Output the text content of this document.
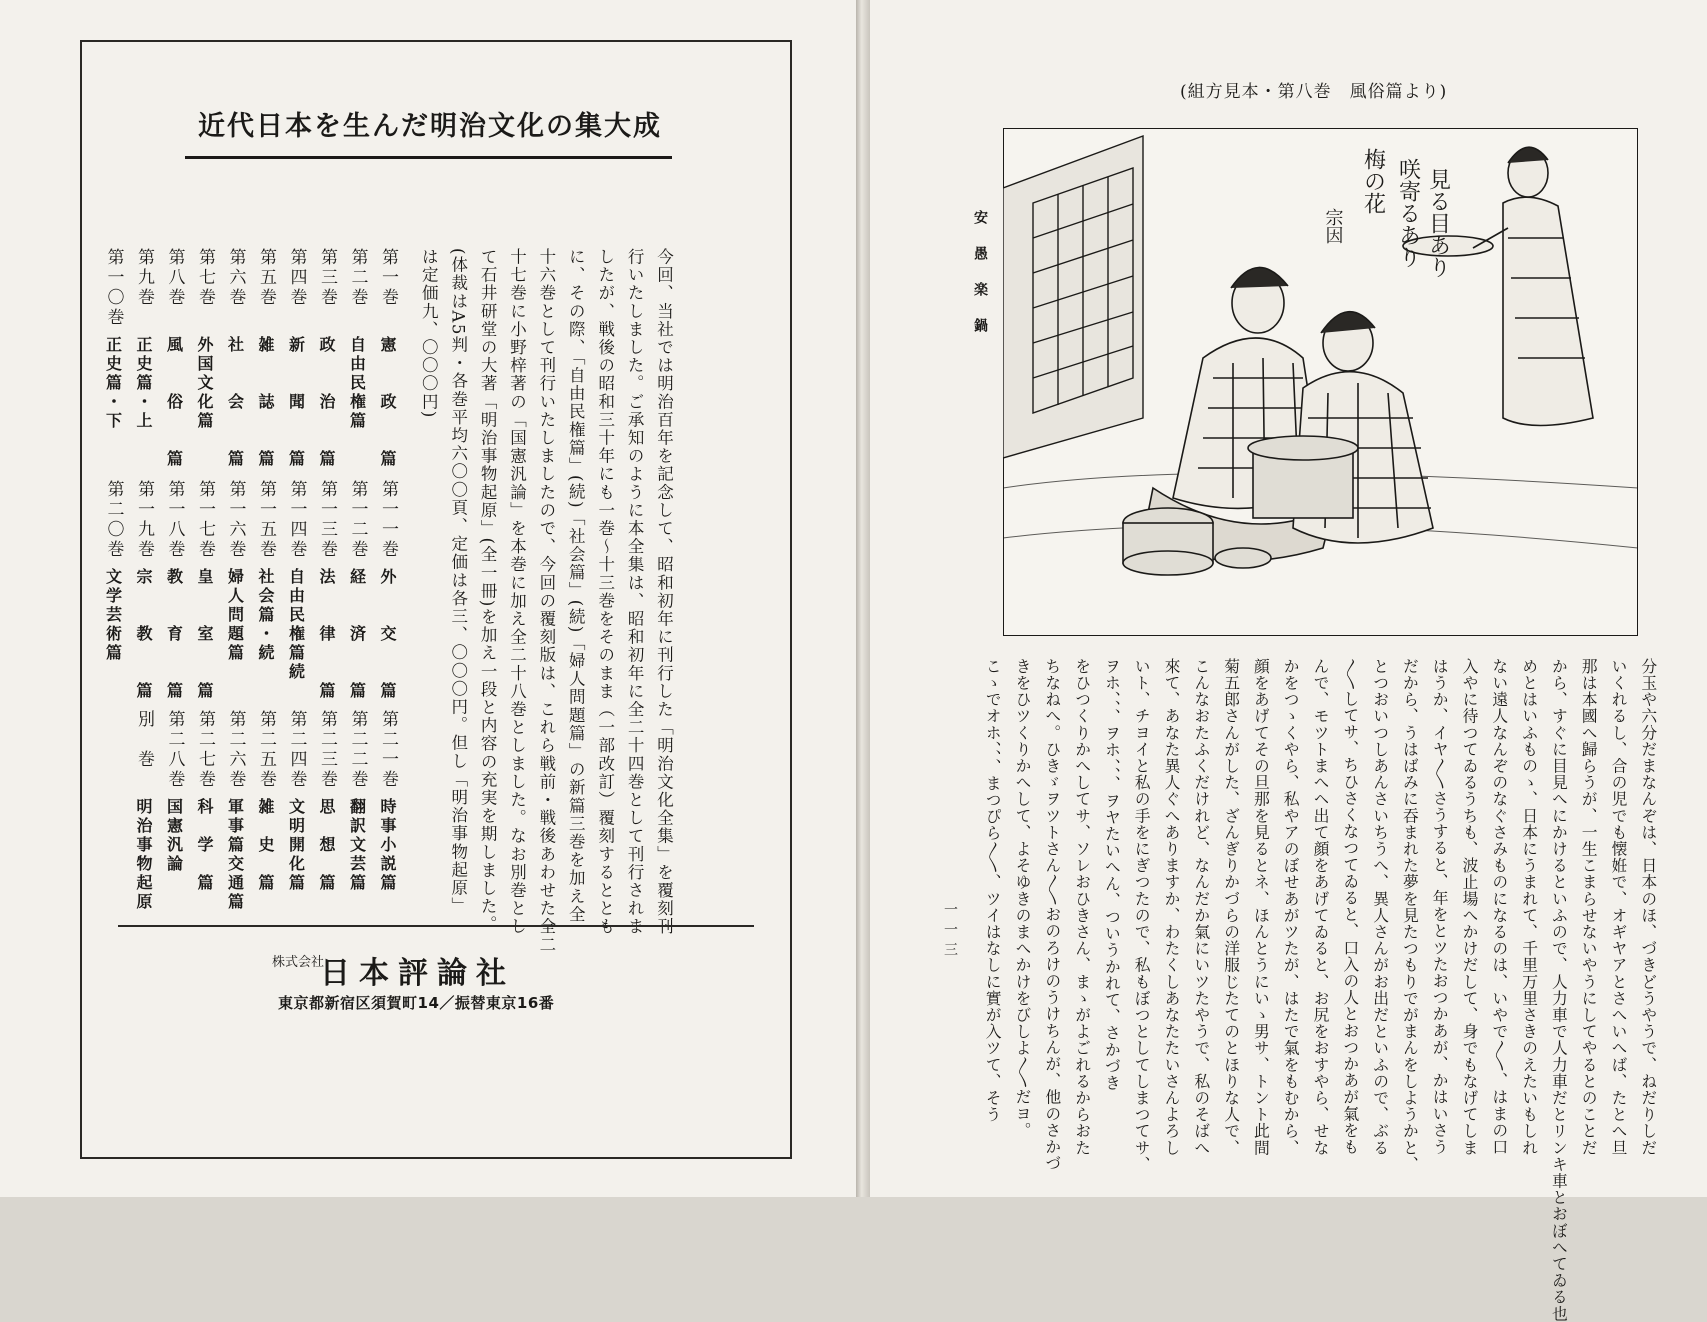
近代日本を生んだ明治文化の集大成
今回、当社では明治百年を記念して、昭和初年に刊行した「明治文化全集」を覆刻刊
行いたしました。ご承知のように本全集は、昭和初年に全二十四巻として刊行されま
したが、戦後の昭和三十年にも一巻〜十三巻をそのまま（一部改訂）覆刻するととも
に、その際、「自由民権篇」(続)「社会篇」(続)「婦人問題篇」の新篇三巻を加え全
十六巻として刊行いたしましたので、今回の覆刻版は、これら戦前・戦後あわせた全二
十七巻に小野梓著の「国憲汎論」を本巻に加え全二十八巻としました。なお別巻とし
て石井研堂の大著「明治事物起原」(全一冊)を加え一段と内容の充実を期しました。
(体裁はA5判・各巻平均六〇〇頁、定価は各三、〇〇〇円。但し「明治事物起原」
は定価九、〇〇〇円)
第一巻
憲　　政　　篇
第二巻
自由民権篇
第三巻
政　　治　　篇
第四巻
新　　聞　　篇
第五巻
雑　　誌　　篇
第六巻
社　　会　　篇
第七巻
外国文化篇
第八巻
風　　俗　　篇
第九巻
正史篇・上
第一〇巻
正史篇・下
第一一巻
外　　交　　篇
第一二巻
経　　済　　篇
第一三巻
法　　律　　篇
第一四巻
自由民権篇続
第一五巻
社会篇・続
第一六巻
婦人問題篇
第一七巻
皇　　室　　篇
第一八巻
教　　育　　篇
第一九巻
宗　　教　　篇
第二〇巻
文学芸術篇
第二一巻
時事小説篇
第二二巻
翻訳文芸篇
第二三巻
思　想　篇
第二四巻
文明開化篇
第二五巻
雑　史　篇
第二六巻
軍事篇交通篇
第二七巻
科　学　篇
第二八巻
国憲汎論
別　巻
明治事物起原
株式会社
日本評論社
東京都新宿区須賀町14／振替東京16番
(組方見本・第八巻　風俗篇より)
安愚楽鍋	見る目あり
咲寄るあり
梅の花
宗因
一一三	分玉や六分だまなんぞは、日本のほ、づきどうやうで、ねだりしだ
いくれるし、合の児でも懐姙で、オギヤアとさへいへば、たとへ旦
那は本國へ歸らうが、一生こまらせないやうにしてやるとのことだ
から、すぐに目見へにかけるといふので、人力車で人力車だとリンキ車とおぼへてゐる也
めとはいふものゝ、日本にうまれて、千里万里さきのえたいもしれ
ない遠人なんぞのなぐさみものになるのは、いやで〳〵、はまの口
入やに待つてゐるうちも、波止場へかけだして、身でもなげてしま
はうか、イヤ〳〵さうすると、年をとツたおつかあが、かはいさう
だから、うはばみに吞まれた夢を見たつもりでがまんをしようかと、
とつおいつしあんさいちうへ、異人さんがお出だといふので、ぶる
〳〵してサ、ちひさくなつてゐると、口入の人とおつかあが氣をも
んで、モツトまへヘ出て顔をあげてゐると、お尻をおすやら、せな
かをつゝくやら、私やアのぼせあがツたが、はたで氣をもむから、
顔をあげてその旦那を見るとネ、ほんとうにいゝ男サ、トント此間
菊五郎さんがした、ざんぎりかづらの洋服じたてのとほりな人で、
こんなおたふくだけれど、なんだか氣にいツたやうで、私のそばへ
來て、あなた異人ぐへありますか、わたくしあなたたいさんよろし
いト、チヨイと私の手をにぎつたので、私もぼつとしてしまつてサ、
ヲホ、、、ヲホ、、、ヲヤたいへん、ついうかれて、さかづき
をひつくりかへしてサ、ソレおひきさん、まゝがよごれるからおた
ちなねへ。ひきゞヲツトさん〳〵おのろけのうけちんが、他のさかづ
きをひツくりかへして、よそゆきのまへかけをびしよ〳〵だヨ。
こゝでオホ、、、まつぴら〳〵、ツイはなしに實が入ツて、そう
